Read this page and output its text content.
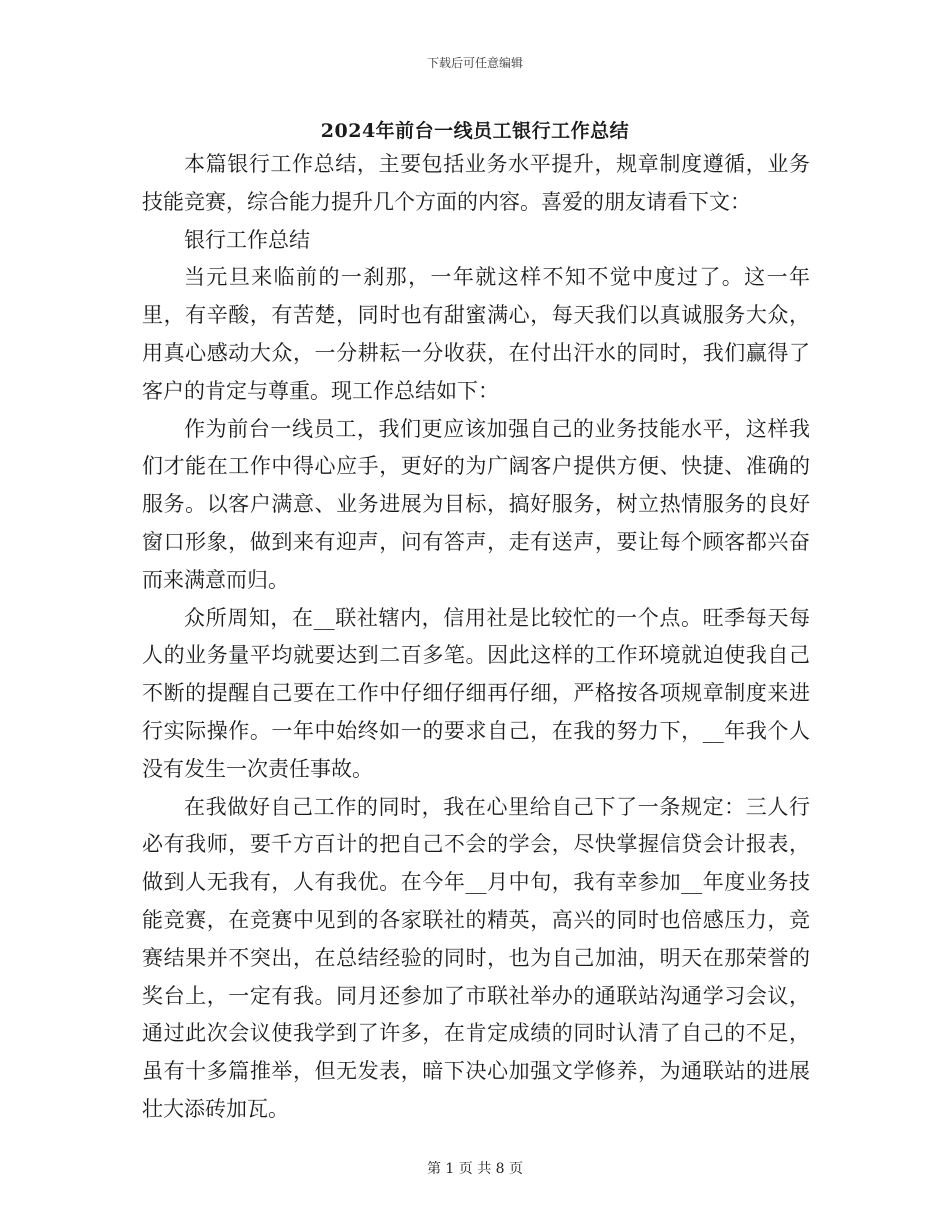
下载后可任意编辑
2024年前台一线员工银行工作总结

本篇银行工作总结，主要包括业务水平提升，规章制度遵循，业务技能竞赛，综合能力提升几个方面的内容。喜爱的朋友请看下文：

银行工作总结

当元旦来临前的一刹那，一年就这样不知不觉中度过了。这一年里，有辛酸，有苦楚，同时也有甜蜜满心，每天我们以真诚服务大众，用真心感动大众，一分耕耘一分收获，在付出汗水的同时，我们赢得了客户的肯定与尊重。现工作总结如下：

作为前台一线员工，我们更应该加强自己的业务技能水平，这样我们才能在工作中得心应手，更好的为广阔客户提供方便、快捷、准确的服务。以客户满意、业务进展为目标，搞好服务，树立热情服务的良好窗口形象，做到来有迎声，问有答声，走有送声，要让每个顾客都兴奋而来满意而归。

众所周知，在__联社辖内，信用社是比较忙的一个点。旺季每天每人的业务量平均就要达到二百多笔。因此这样的工作环境就迫使我自己不断的提醒自己要在工作中仔细仔细再仔细，严格按各项规章制度来进行实际操作。一年中始终如一的要求自己，在我的努力下，__年我个人没有发生一次责任事故。

在我做好自己工作的同时，我在心里给自己下了一条规定：三人行必有我师，要千方百计的把自己不会的学会，尽快掌握信贷会计报表，做到人无我有，人有我优。在今年__月中旬，我有幸参加__年度业务技能竞赛，在竞赛中见到的各家联社的精英，高兴的同时也倍感压力，竞赛结果并不突出，在总结经验的同时，也为自己加油，明天在那荣誉的奖台上，一定有我。同月还参加了市联社举办的通联站沟通学习会议，通过此次会议使我学到了许多，在肯定成绩的同时认清了自己的不足，虽有十多篇推举，但无发表，暗下决心加强文学修养，为通联站的进展壮大添砖加瓦。

第 1 页 共 8 页
